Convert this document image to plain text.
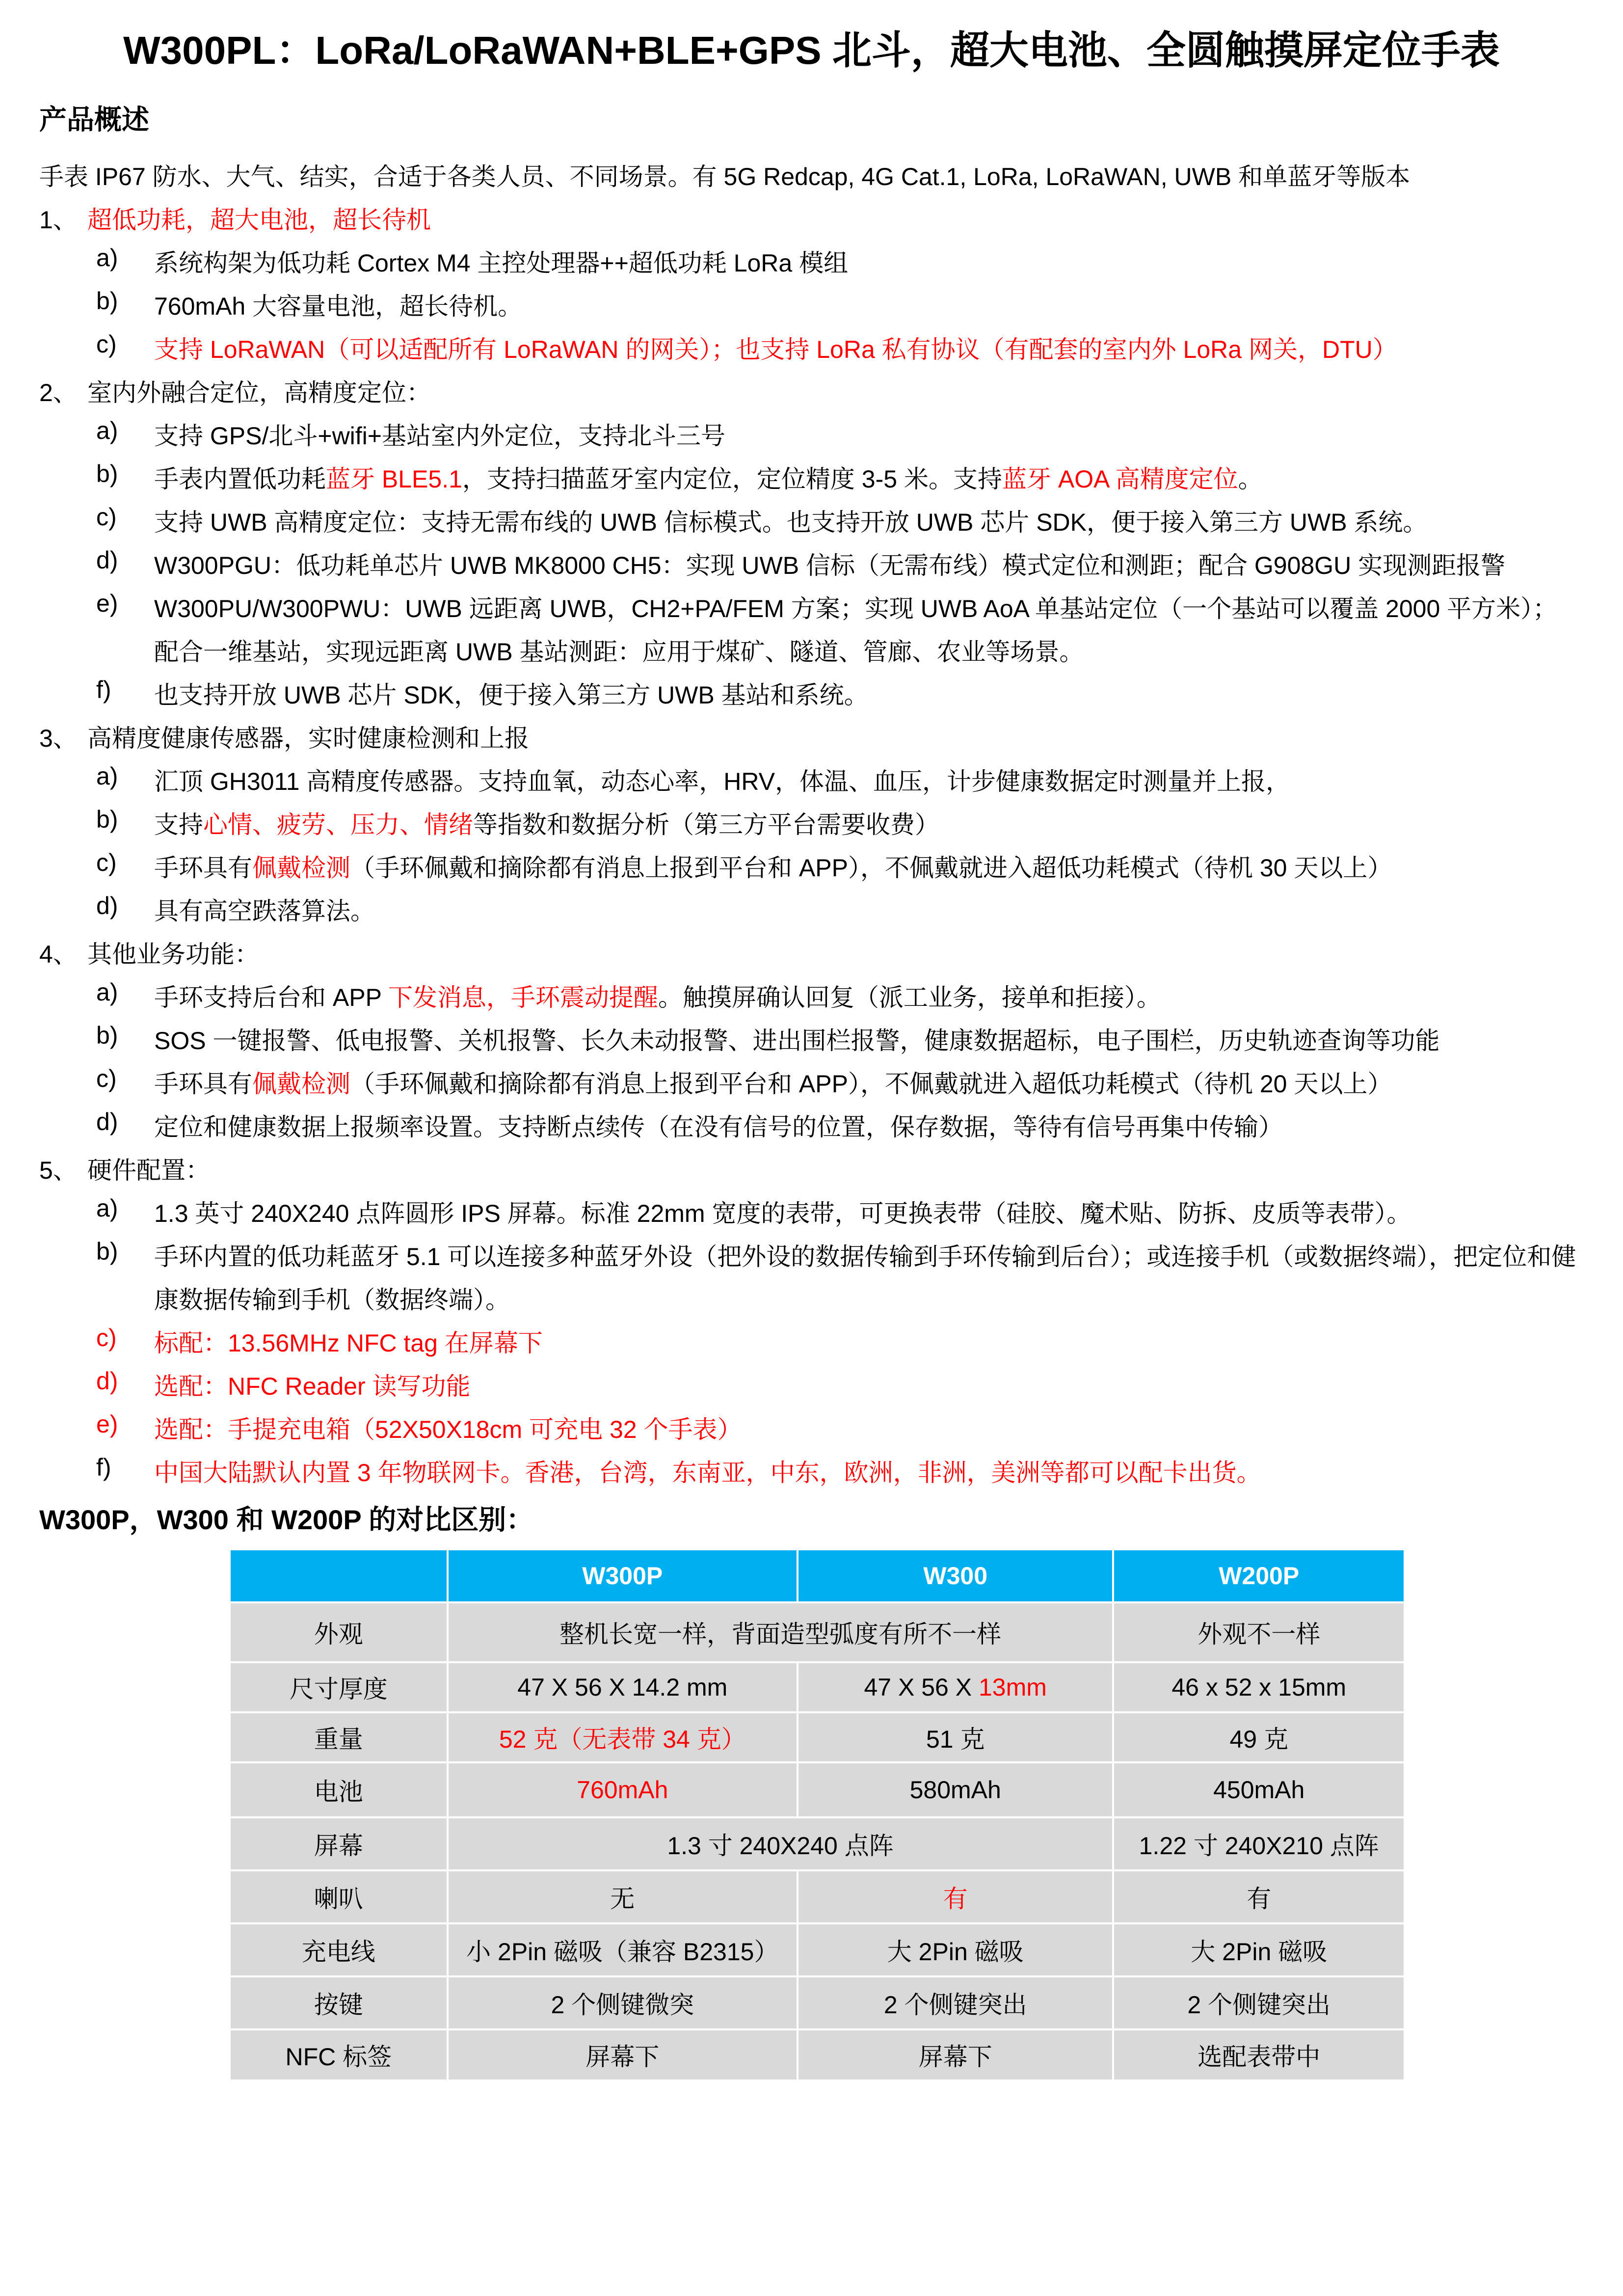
W300PL：LoRa/LoRaWAN+BLE+GPS 北斗，超大电池、全圆触摸屏定位手表
产品概述
手表 IP67 防水、大气、结实，合适于各类人员、不同场景。有 5G Redcap, 4G Cat.1, LoRa, LoRaWAN, UWB 和单蓝牙等版本
1、 超低功耗，超大电池，超长待机
a) 系统构架为低功耗 Cortex M4 主控处理器++超低功耗 LoRa 模组
b) 760mAh 大容量电池，超长待机。
c) 支持 LoRaWAN（可以适配所有 LoRaWAN 的网关）；也支持 LoRa 私有协议（有配套的室内外 LoRa 网关，DTU）
2、 室内外融合定位，高精度定位：
a) 支持 GPS/北斗+wifi+基站室内外定位，支持北斗三号
b) 手表内置低功耗蓝牙 BLE5.1，支持扫描蓝牙室内定位，定位精度 3-5 米。支持蓝牙 AOA 高精度定位。
c) 支持 UWB 高精度定位：支持无需布线的 UWB 信标模式。也支持开放 UWB 芯片 SDK，便于接入第三方 UWB 系统。
d) W300PGU：低功耗单芯片 UWB MK8000 CH5：实现 UWB 信标（无需布线）模式定位和测距；配合 G908GU 实现测距报警
e) W300PU/W300PWU：UWB 远距离 UWB，CH2+PA/FEM 方案；实现 UWB AoA 单基站定位（一个基站可以覆盖 2000 平方米）；
配合一维基站，实现远距离 UWB 基站测距：应用于煤矿、隧道、管廊、农业等场景。
f) 也支持开放 UWB 芯片 SDK，便于接入第三方 UWB 基站和系统。
3、 高精度健康传感器，实时健康检测和上报
a) 汇顶 GH3011 高精度传感器。支持血氧，动态心率，HRV，体温、血压，计步健康数据定时测量并上报，
b) 支持心情、疲劳、压力、情绪等指数和数据分析（第三方平台需要收费）
c) 手环具有佩戴检测（手环佩戴和摘除都有消息上报到平台和 APP），不佩戴就进入超低功耗模式（待机 30 天以上）
d) 具有高空跌落算法。
4、 其他业务功能：
a) 手环支持后台和 APP 下发消息，手环震动提醒。触摸屏确认回复（派工业务，接单和拒接）。
b) SOS 一键报警、低电报警、关机报警、长久未动报警、进出围栏报警，健康数据超标，电子围栏，历史轨迹查询等功能
c) 手环具有佩戴检测（手环佩戴和摘除都有消息上报到平台和 APP），不佩戴就进入超低功耗模式（待机 20 天以上）
d) 定位和健康数据上报频率设置。支持断点续传（在没有信号的位置，保存数据，等待有信号再集中传输）
5、 硬件配置：
a) 1.3 英寸 240X240 点阵圆形 IPS 屏幕。标准 22mm 宽度的表带，可更换表带（硅胶、魔术贴、防拆、皮质等表带）。
b) 手环内置的低功耗蓝牙 5.1 可以连接多种蓝牙外设（把外设的数据传输到手环传输到后台）；或连接手机（或数据终端），把定位和健
康数据传输到手机（数据终端）。
c) 标配：13.56MHz NFC tag 在屏幕下
d) 选配：NFC Reader 读写功能
e) 选配：手提充电箱（52X50X18cm 可充电 32 个手表）
f) 中国大陆默认内置 3 年物联网卡。香港，台湾，东南亚，中东，欧洲，非洲，美洲等都可以配卡出货。
W300P，W300 和 W200P 的对比区别：
	W300P	W300	W200P
外观	整机长宽一样，背面造型弧度有所不一样		外观不一样
尺寸厚度	47 X 56 X 14.2 mm	47 X 56 X 13mm	46 x 52 x 15mm
重量	52 克（无表带 34 克）	51 克	49 克
电池	760mAh	580mAh	450mAh
屏幕	1.3 寸 240X240 点阵		1.22 寸 240X210 点阵
喇叭	无	有	有
充电线	小 2Pin 磁吸（兼容 B2315）	大 2Pin 磁吸	大 2Pin 磁吸
按键	2 个侧键微突	2 个侧键突出	2 个侧键突出
NFC 标签	屏幕下	屏幕下	选配表带中
